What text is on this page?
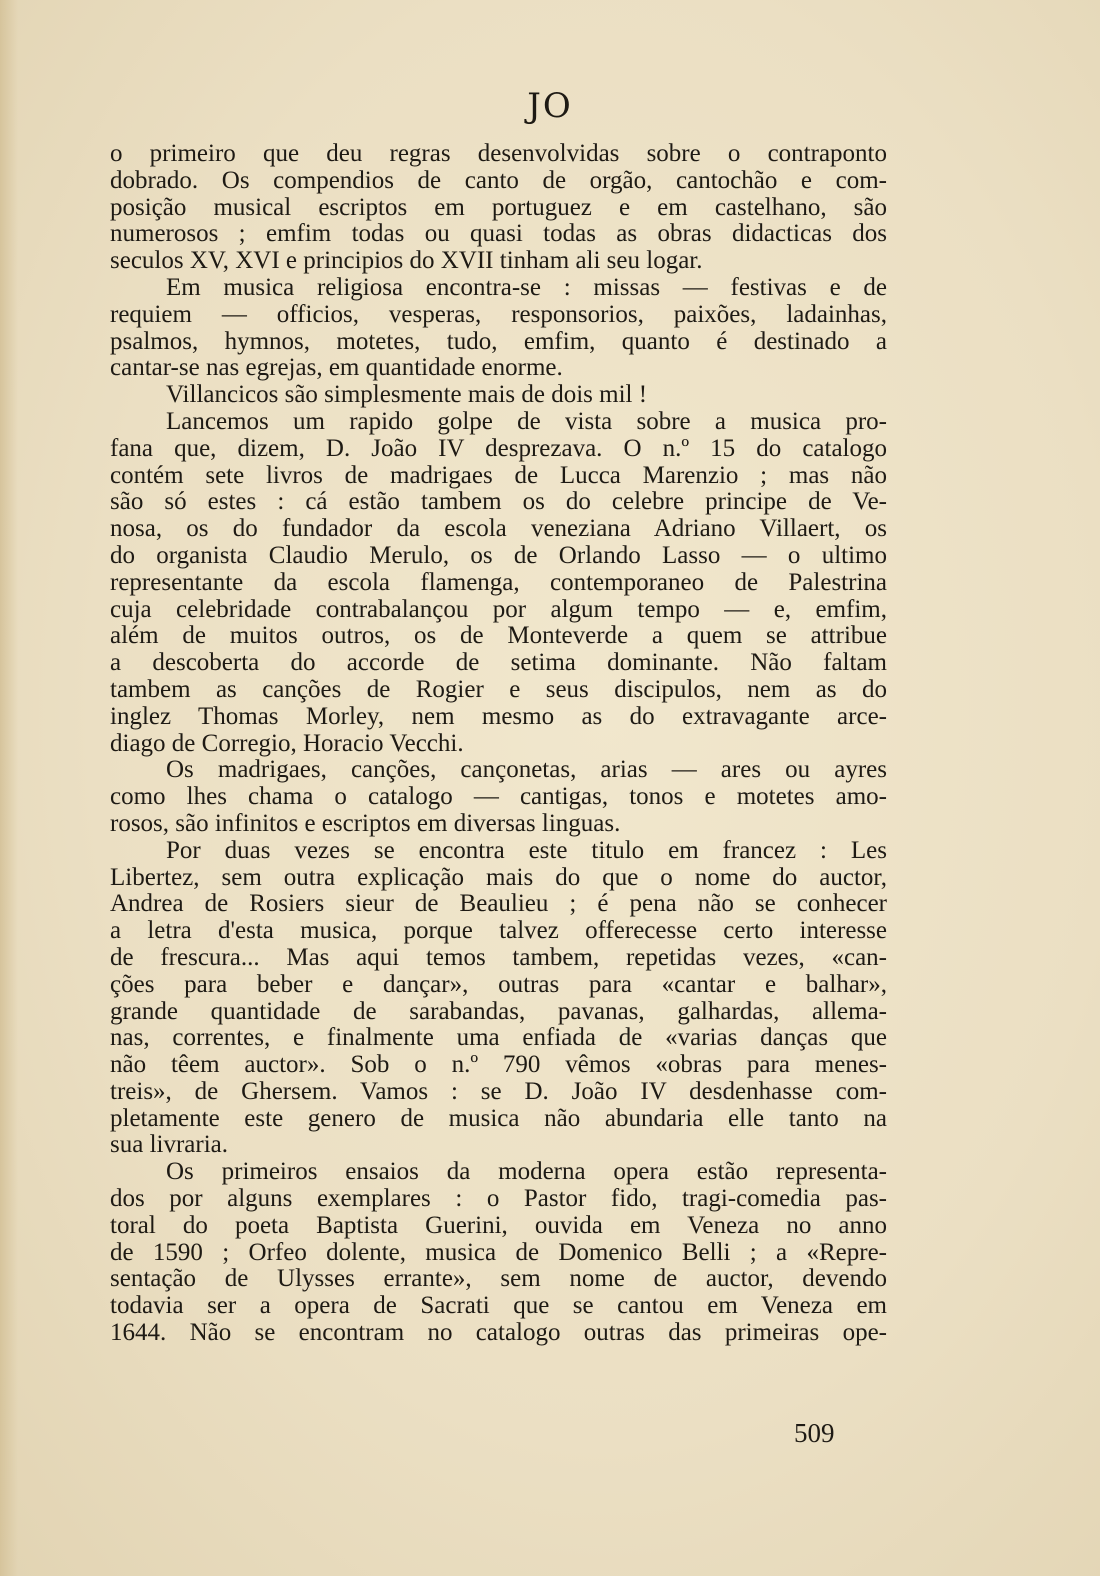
JO
o primeiro que deu regras desenvolvidas sobre o contraponto
dobrado. Os compendios de canto de orgão, cantochão e com-
posição musical escriptos em portuguez e em castelhano, são
numerosos ; emfim todas ou quasi todas as obras didacticas dos
seculos XV, XVI e principios do XVII tinham ali seu logar.
Em musica religiosa encontra-se : missas — festivas e de
requiem — officios, vesperas, responsorios, paixões, ladainhas,
psalmos, hymnos, motetes, tudo, emfim, quanto é destinado a
cantar-se nas egrejas, em quantidade enorme.
Villancicos são simplesmente mais de dois mil !
Lancemos um rapido golpe de vista sobre a musica pro-
fana que, dizem, D. João IV desprezava. O n.º 15 do catalogo
contém sete livros de madrigaes de Lucca Marenzio ; mas não
são só estes : cá estão tambem os do celebre principe de Ve-
nosa, os do fundador da escola veneziana Adriano Villaert, os
do organista Claudio Merulo, os de Orlando Lasso — o ultimo
representante da escola flamenga, contemporaneo de Palestrina
cuja celebridade contrabalançou por algum tempo — e, emfim,
além de muitos outros, os de Monteverde a quem se attribue
a descoberta do accorde de setima dominante. Não faltam
tambem as canções de Rogier e seus discipulos, nem as do
inglez Thomas Morley, nem mesmo as do extravagante arce-
diago de Corregio, Horacio Vecchi.
Os madrigaes, canções, cançonetas, arias — ares ou ayres
como lhes chama o catalogo — cantigas, tonos e motetes amo-
rosos, são infinitos e escriptos em diversas linguas.
Por duas vezes se encontra este titulo em francez : Les
Libertez, sem outra explicação mais do que o nome do auctor,
Andrea de Rosiers sieur de Beaulieu ; é pena não se conhecer
a letra d'esta musica, porque talvez offerecesse certo interesse
de frescura... Mas aqui temos tambem, repetidas vezes, «can-
ções para beber e dançar», outras para «cantar e balhar»,
grande quantidade de sarabandas, pavanas, galhardas, allema-
nas, correntes, e finalmente uma enfiada de «varias danças que
não têem auctor». Sob o n.º 790 vêmos «obras para menes-
treis», de Ghersem. Vamos : se D. João IV desdenhasse com-
pletamente este genero de musica não abundaria elle tanto na
sua livraria.
Os primeiros ensaios da moderna opera estão representa-
dos por alguns exemplares : o Pastor fido, tragi-comedia pas-
toral do poeta Baptista Guerini, ouvida em Veneza no anno
de 1590 ; Orfeo dolente, musica de Domenico Belli ; a «Repre-
sentação de Ulysses errante», sem nome de auctor, devendo
todavia ser a opera de Sacrati que se cantou em Veneza em
1644. Não se encontram no catalogo outras das primeiras ope-
509
